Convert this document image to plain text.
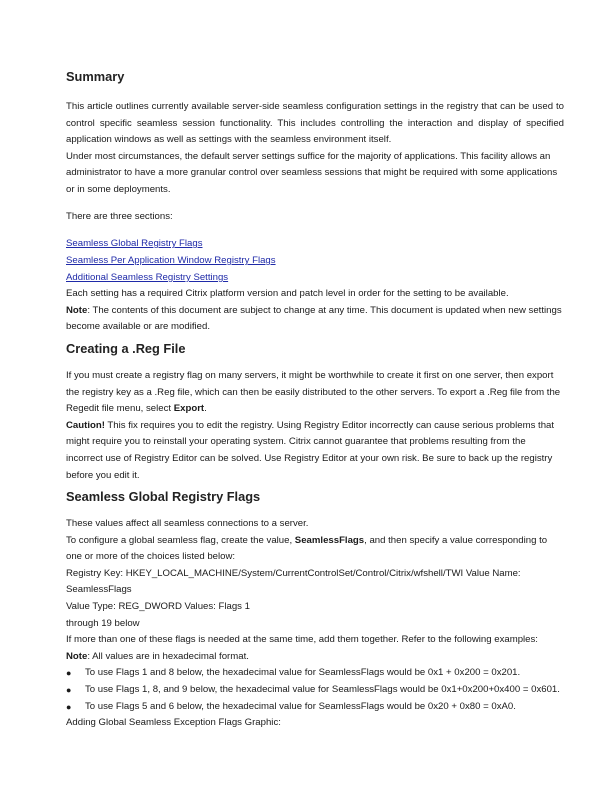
Summary

This article outlines currently available server-side seamless configuration settings in the registry that can be used to control specific seamless session functionality. This includes controlling the interaction and display of specified application windows as well as settings with the seamless environment itself.

Under most circumstances, the default server settings suffice for the majority of applications. This facility allows an administrator to have a more granular control over seamless sessions that might be required with some applications or in some deployments.

There are three sections:

Seamless Global Registry Flags
Seamless Per Application Window Registry Flags
Additional Seamless Registry Settings

Each setting has a required Citrix platform version and patch level in order for the setting to be available.

Note: The contents of this document are subject to change at any time. This document is updated when new settings become available or are modified.

Creating a .Reg File

If you must create a registry flag on many servers, it might be worthwhile to create it first on one server, then export the registry key as a .Reg file, which can then be easily distributed to the other servers. To export a .Reg file from the Regedit file menu, select Export.

Caution! This fix requires you to edit the registry. Using Registry Editor incorrectly can cause serious problems that might require you to reinstall your operating system. Citrix cannot guarantee that problems resulting from the incorrect use of Registry Editor can be solved. Use Registry Editor at your own risk. Be sure to back up the registry before you edit it.

Seamless Global Registry Flags

These values affect all seamless connections to a server.

To configure a global seamless flag, create the value, SeamlessFlags, and then specify a value corresponding to one or more of the choices listed below:

Registry Key: HKEY_LOCAL_MACHINE/System/CurrentControlSet/Control/Citrix/wfshell/TWI Value Name: SeamlessFlags

Value Type: REG_DWORD Values: Flags 1

through 19 below

If more than one of these flags is needed at the same time, add them together. Refer to the following examples:

Note: All values are in hexadecimal format.

● To use Flags 1 and 8 below, the hexadecimal value for SeamlessFlags would be 0x1 + 0x200 = 0x201.
● To use Flags 1, 8, and 9 below, the hexadecimal value for SeamlessFlags would be 0x1+0x200+0x400 = 0x601.
● To use Flags 5 and 6 below, the hexadecimal value for SeamlessFlags would be 0x20 + 0x80 = 0xA0.

Adding Global Seamless Exception Flags Graphic:
